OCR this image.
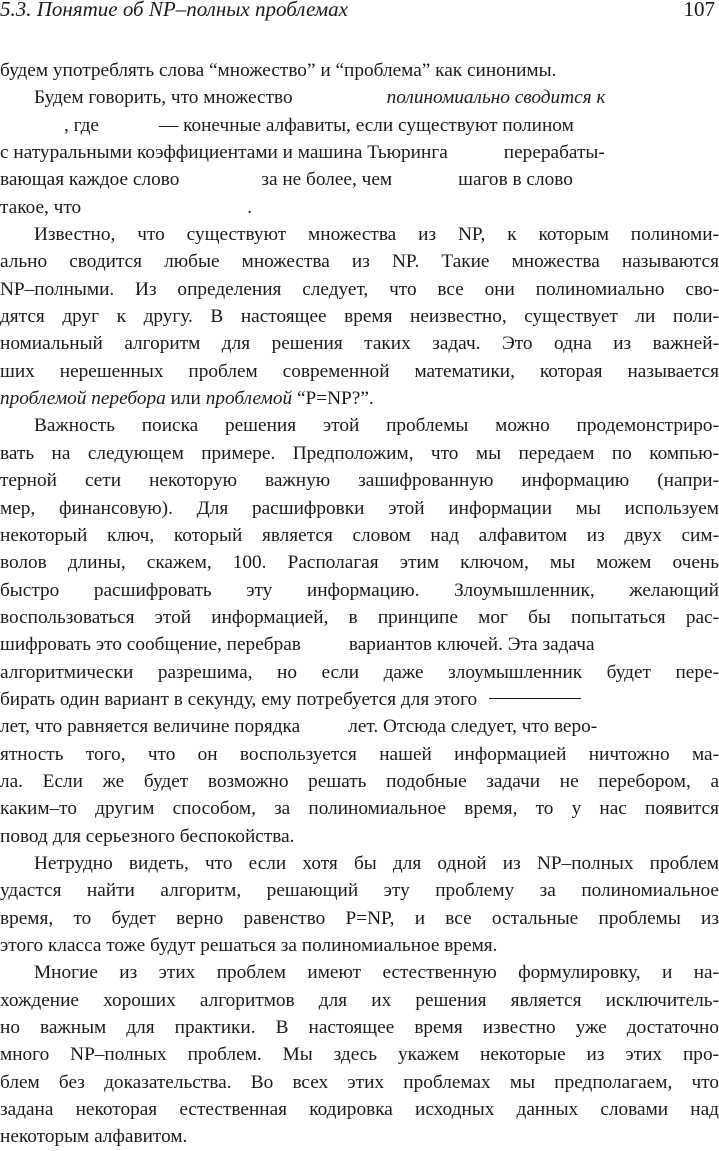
5.3. Понятие об NP–полных проблемах	107

будем употреблять слова “множество” и “проблема” как синонимы.

Будем говорить, что множество	полиномиально сводится к
, где	— конечные алфавиты, если существуют полином
с натуральными коэффициентами и машина Тьюринга	перерабаты-
вающая каждое слово	за не более, чем	шагов в слово
такое, что	.

Известно, что существуют множества из NP, к которым полиноми-
ально сводится любые множества из NP. Такие множества называются
NP–полными. Из определения следует, что все они полиномиально сво-
дятся друг к другу. В настоящее время неизвестно, существует ли поли-
номиальный алгоритм для решения таких задач. Это одна из важней-
ших нерешенных проблем современной математики, которая называется
проблемой перебора или проблемой “P=NP?”.

Важность поиска решения этой проблемы можно продемонстриро-
вать на следующем примере. Предположим, что мы передаем по компью-
терной сети некоторую важную зашифрованную информацию (напри-
мер, финансовую). Для расшифровки этой информации мы используем
некоторый ключ, который является словом над алфавитом из двух сим-
волов длины, скажем, 100. Располагая этим ключом, мы можем очень
быстро расшифровать эту информацию. Злоумышленник, желающий
воспользоваться этой информацией, в принципе мог бы попытаться рас-
шифровать это сообщение, перебрав вариантов ключей. Эта задача
алгоритмически разрешима, но если даже злоумышленник будет пере-
бирать один вариант в секунду, ему потребуется для этого
лет, что равняется величине порядка лет. Отсюда следует, что веро-
ятность того, что он воспользуется нашей информацией ничтожно ма-
ла. Если же будет возможно решать подобные задачи не перебором, а
каким–то другим способом, за полиномиальное время, то у нас появится
повод для серьезного беспокойства.

Нетрудно видеть, что если хотя бы для одной из NP–полных проблем
удастся найти алгоритм, решающий эту проблему за полиномиальное
время, то будет верно равенство P=NP, и все остальные проблемы из
этого класса тоже будут решаться за полиномиальное время.

Многие из этих проблем имеют естественную формулировку, и на-
хождение хороших алгоритмов для их решения является исключитель-
но важным для практики. В настоящее время известно уже достаточно
много NP–полных проблем. Мы здесь укажем некоторые из этих про-
блем без доказательства. Во всех этих проблемах мы предполагаем, что
задана некоторая естественная кодировка исходных данных словами над
некоторым алфавитом.
